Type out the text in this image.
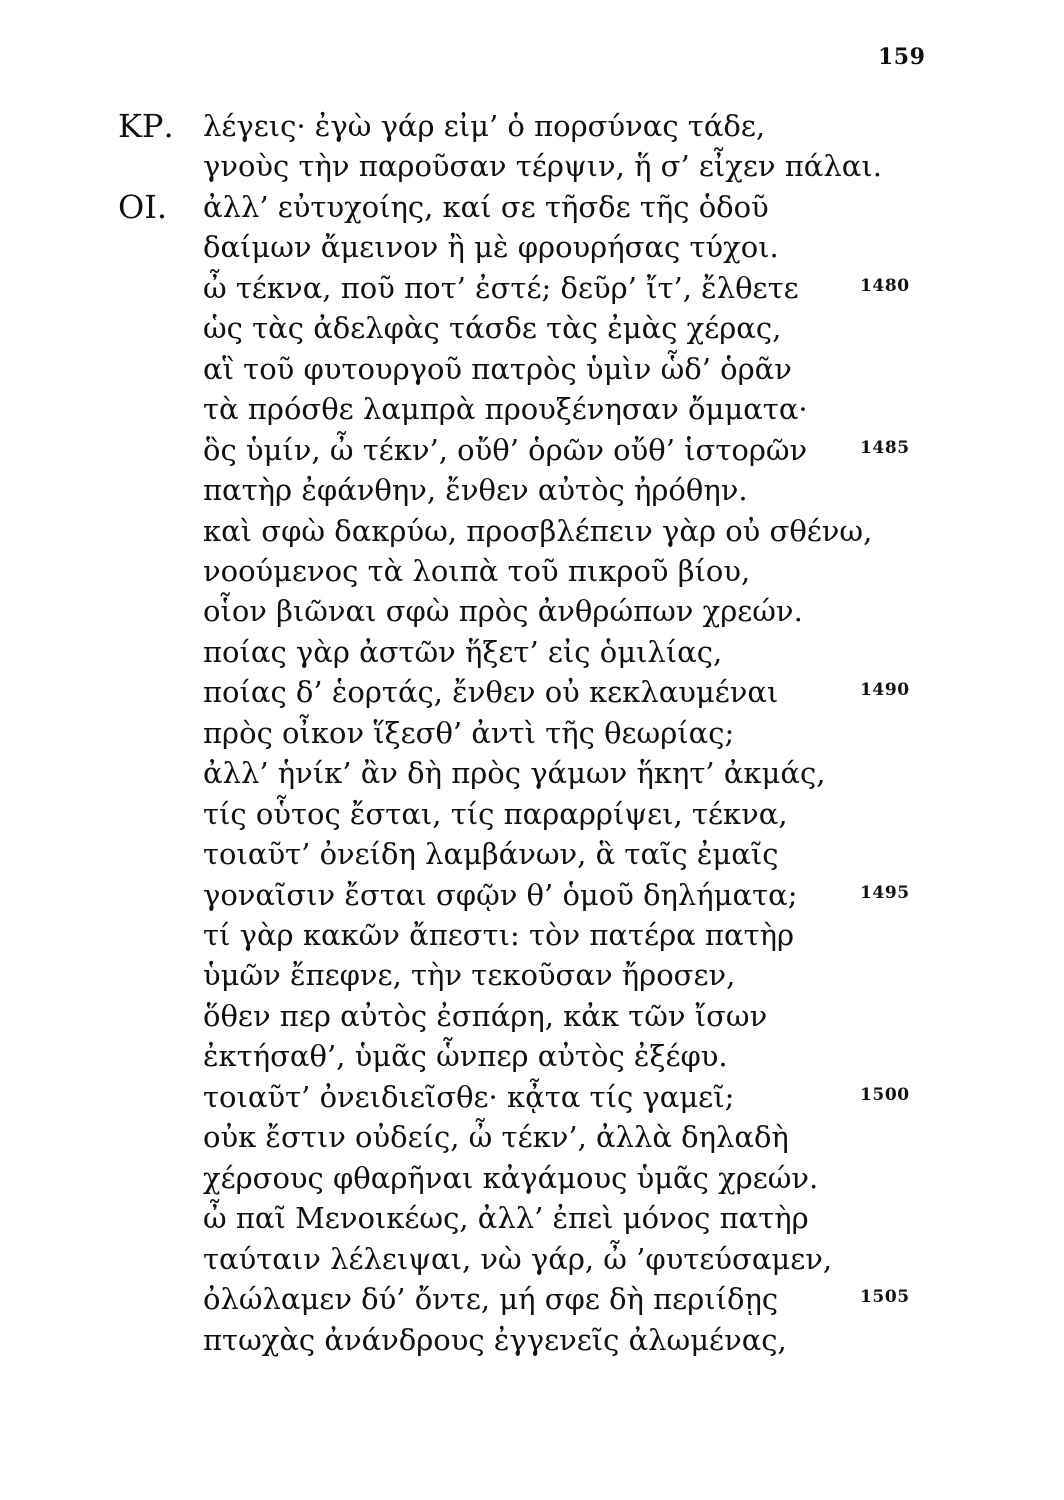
159
ΚΡ. λέγεις· ἐγὼ γάρ εἰμ’ ὁ πορσύνας τάδε,
γνοὺς τὴν παροῦσαν τέρψιν, ἥ σ’ εἶχεν πάλαι.
ΟΙ. ἀλλ’ εὐτυχοίης, καί σε τῆσδε τῆς ὁδοῦ
δαίμων ἄμεινον ἢ μὲ φρουρήσας τύχοι.
ὦ τέκνα, ποῦ ποτ’ ἐστέ; δεῦρ’ ἴτ’, ἔλθετε	1480
ὡς τὰς ἀδελφὰς τάσδε τὰς ἐμὰς χέρας,
αἳ τοῦ φυτουργοῦ πατρὸς ὑμὶν ὧδ’ ὁρᾶν
τὰ πρόσθε λαμπρὰ προυξένησαν ὄμματα·
ὃς ὑμίν, ὦ τέκν’, οὔθ’ ὁρῶν οὔθ’ ἱστορῶν	1485
πατὴρ ἐφάνθην, ἔνθεν αὐτὸς ἠρόθην.
καὶ σφὼ δακρύω, προσβλέπειν γὰρ οὐ σθένω,
νοούμενος τὰ λοιπὰ τοῦ πικροῦ βίου,
οἷον βιῶναι σφὼ πρὸς ἀνθρώπων χρεών.
ποίας γὰρ ἀστῶν ἥξετ’ εἰς ὁμιλίας,
ποίας δ’ ἑορτάς, ἔνθεν οὐ κεκλαυμέναι	1490
πρὸς οἶκον ἵξεσθ’ ἀντὶ τῆς θεωρίας;
ἀλλ’ ἡνίκ’ ἂν δὴ πρὸς γάμων ἥκητ’ ἀκμάς,
τίς οὗτος ἔσται, τίς παραρρίψει, τέκνα,
τοιαῦτ’ ὀνείδη λαμβάνων, ἃ ταῖς ἐμαῖς
γοναῖσιν ἔσται σφῷν θ’ ὁμοῦ δηλήματα;	1495
τί γὰρ κακῶν ἄπεστι: τὸν πατέρα πατὴρ
ὑμῶν ἔπεφνε, τὴν τεκοῦσαν ἤροσεν,
ὅθεν περ αὐτὸς ἐσπάρη, κἀκ τῶν ἴσων
ἐκτήσαθ’, ὑμᾶς ὧνπερ αὐτὸς ἐξέφυ.
τοιαῦτ’ ὀνειδιεῖσθε· κᾆτα τίς γαμεῖ;	1500
οὐκ ἔστιν οὐδείς, ὦ τέκν’, ἀλλὰ δηλαδὴ
χέρσους φθαρῆναι κἀγάμους ὑμᾶς χρεών.
ὦ παῖ Μενοικέως, ἀλλ’ ἐπεὶ μόνος πατὴρ
ταύταιν λέλειψαι, νὼ γάρ, ὦ ’φυτεύσαμεν,
ὀλώλαμεν δύ’ ὄντε, μή σφε δὴ περιίδῃς	1505
πτωχὰς ἀνάνδρους ἐγγενεῖς ἀλωμένας,
